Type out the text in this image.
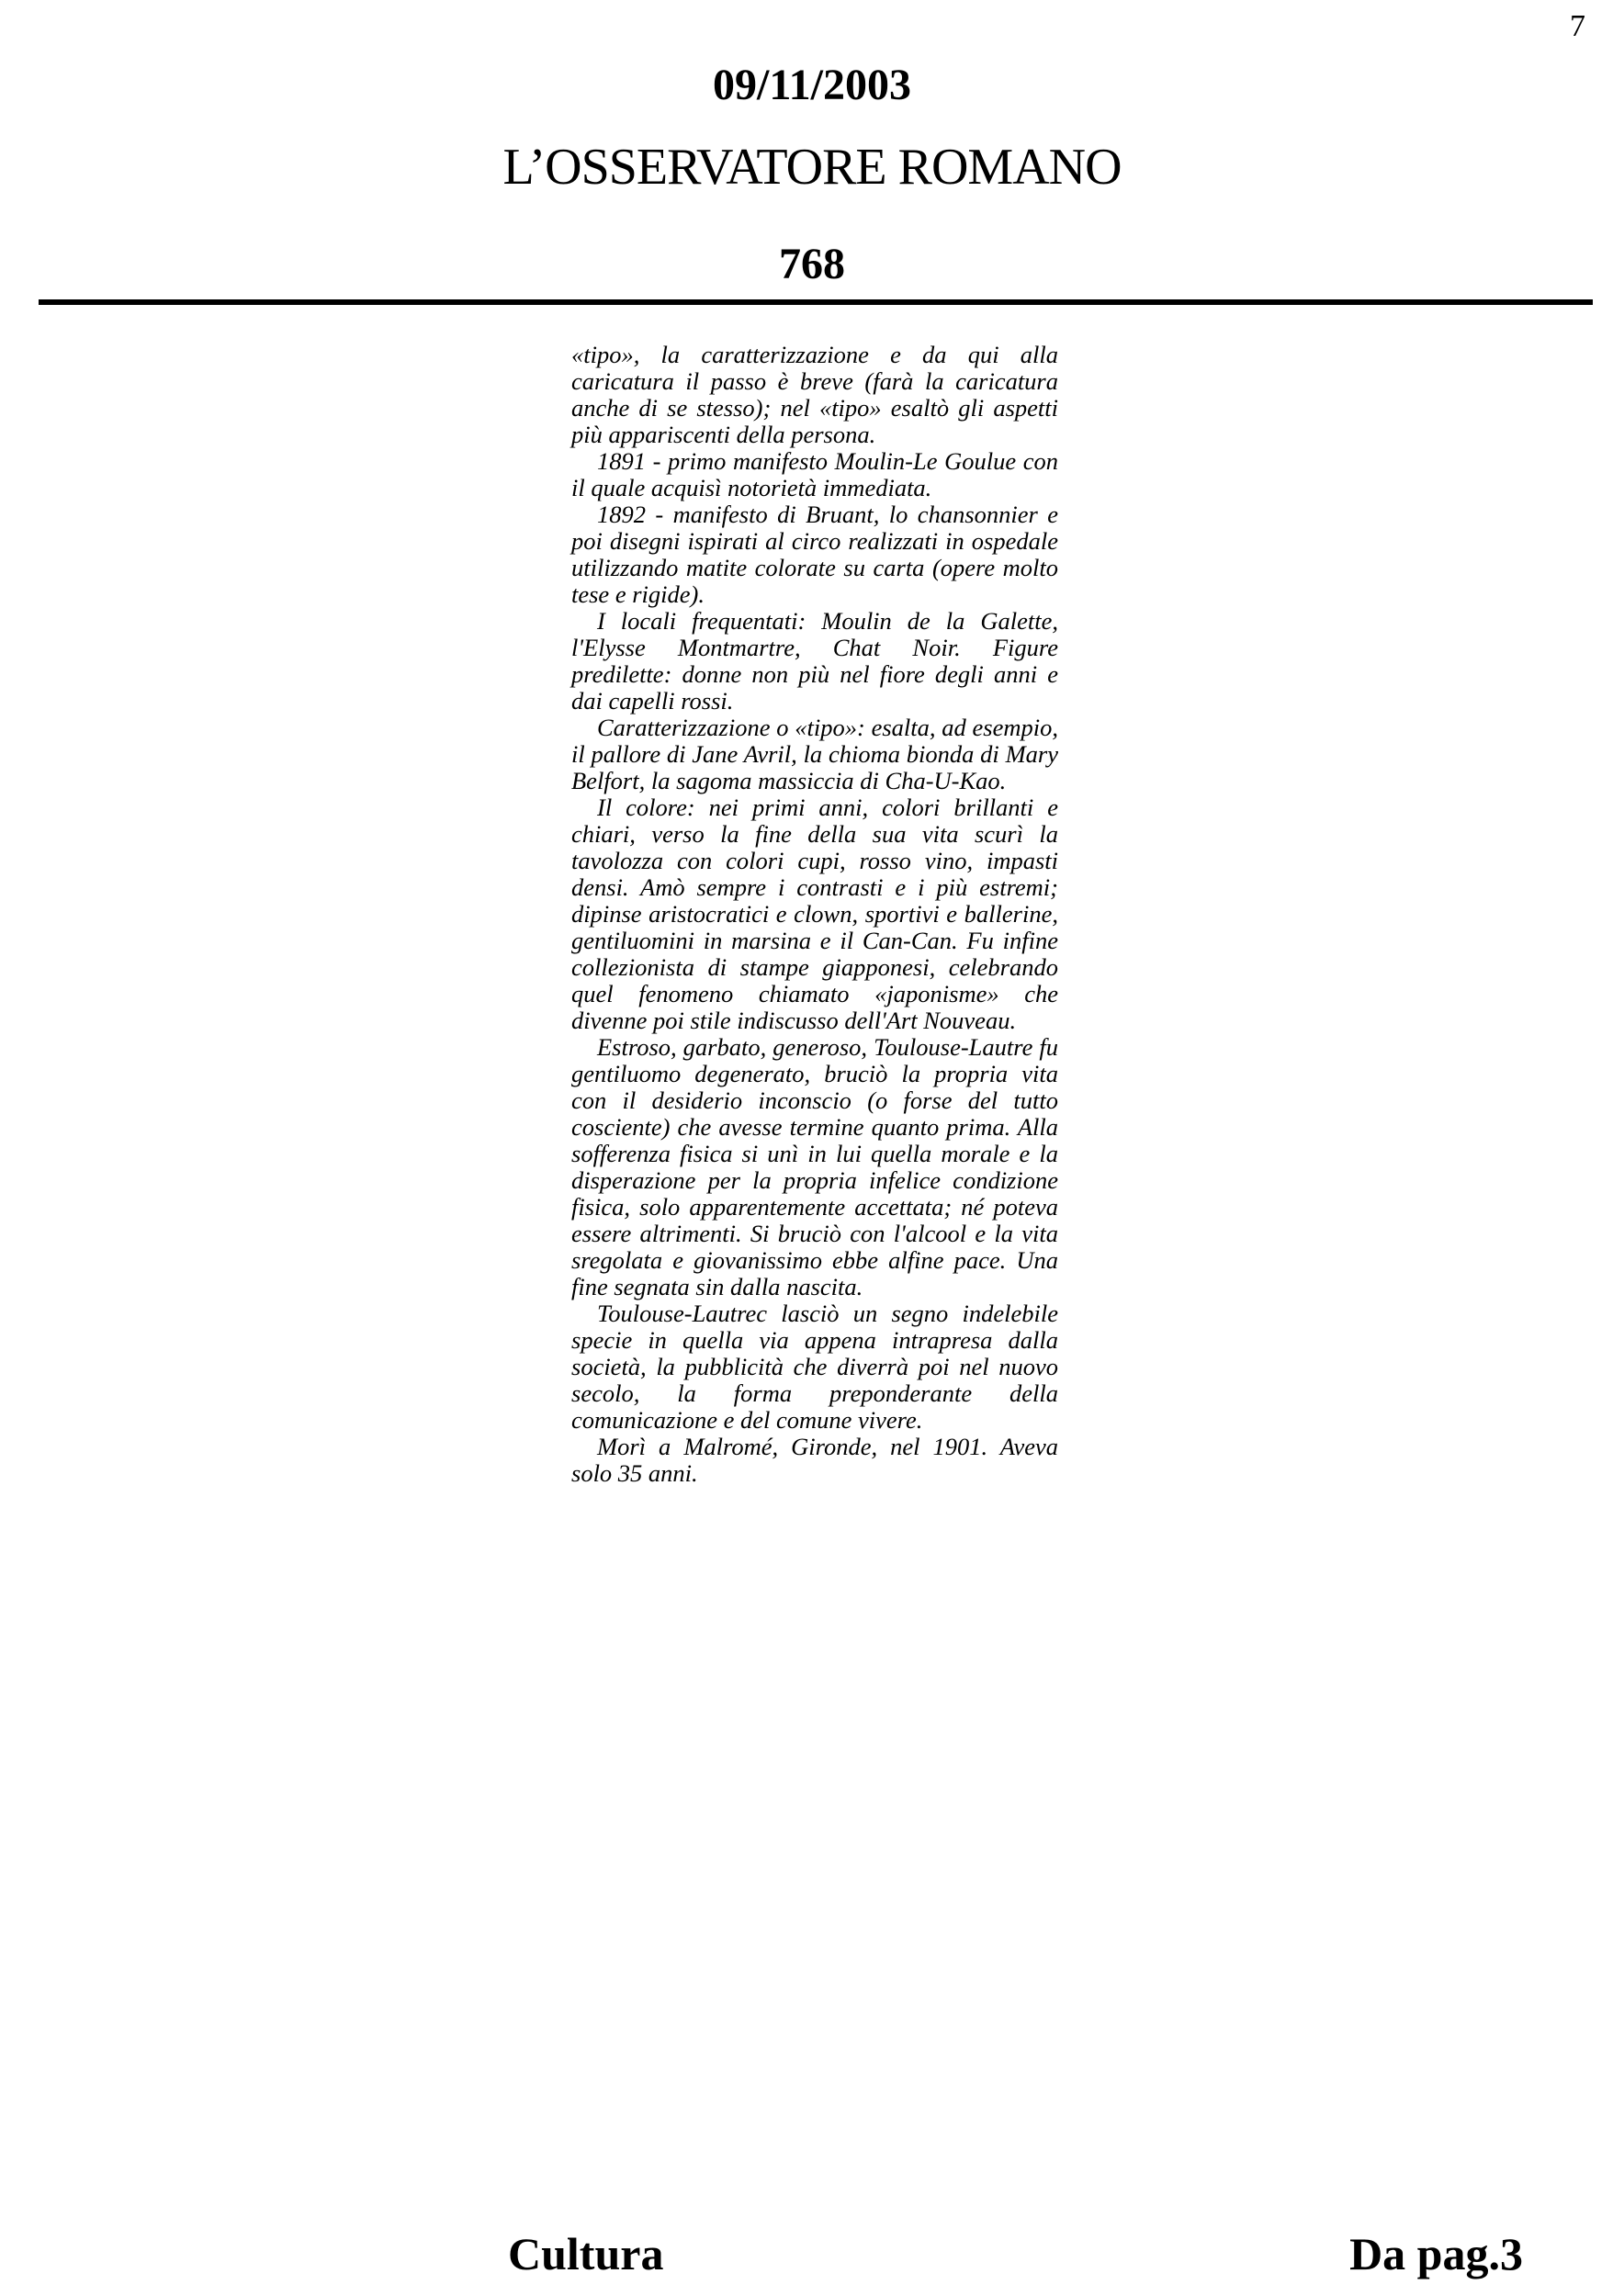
7
09/11/2003
L’OSSERVATORE ROMANO
768

«tipo», la caratterizzazione e da qui alla caricatura il passo è breve (farà la caricatura anche di se stesso); nel «tipo» esaltò gli aspetti più appariscenti della persona.

1891 - primo manifesto Moulin-Le Goulue con il quale acquisì notorietà immediata.

1892 - manifesto di Bruant, lo chansonnier e poi disegni ispirati al circo realizzati in ospedale utilizzando matite colorate su carta (opere molto tese e rigide).

I locali frequentati: Moulin de la Galette, l'Elysse Montmartre, Chat Noir. Figure predilette: donne non più nel fiore degli anni e dai capelli rossi.

Caratterizzazione o «tipo»: esalta, ad esempio, il pallore di Jane Avril, la chioma bionda di Mary Belfort, la sagoma massiccia di Cha-U-Kao.

Il colore: nei primi anni, colori brillanti e chiari, verso la fine della sua vita scurì la tavolozza con colori cupi, rosso vino, impasti densi. Amò sempre i contrasti e i più estremi; dipinse aristocratici e clown, sportivi e ballerine, gentiluomini in marsina e il Can-Can. Fu infine collezionista di stampe giapponesi, celebrando quel fenomeno chiamato «japonisme» che divenne poi stile indiscusso dell'Art Nouveau.

Estroso, garbato, generoso, Toulouse-Lautre fu gentiluomo degenerato, bruciò la propria vita con il desiderio inconscio (o forse del tutto cosciente) che avesse termine quanto prima. Alla sofferenza fisica si unì in lui quella morale e la disperazione per la propria infelice condizione fisica, solo apparentemente accettata; né poteva essere altrimenti. Si bruciò con l'alcool e la vita sregolata e giovanissimo ebbe alfine pace. Una fine segnata sin dalla nascita.

Toulouse-Lautrec lasciò un segno indelebile specie in quella via appena intrapresa dalla società, la pubblicità che diverrà poi nel nuovo secolo, la forma preponderante della comunicazione e del comune vivere.

Morì a Malromé, Gironde, nel 1901. Aveva solo 35 anni.

Cultura	Da pag.3
